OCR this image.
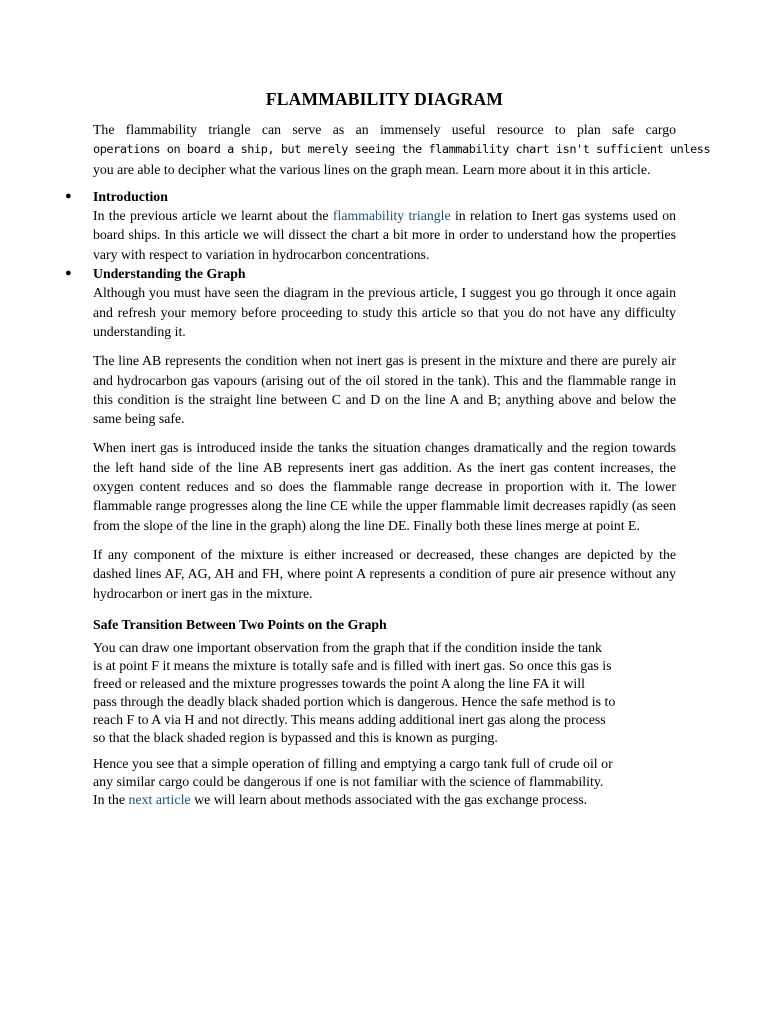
FLAMMABILITY DIAGRAM

The flammability triangle can serve as an immensely useful resource to plan safe cargo

operations on board a ship, but merely seeing the flammability chart isn't sufficient unless

you are able to decipher what the various lines on the graph mean. Learn more about it in this article.

● Introduction

In the previous article we learnt about the flammability triangle in relation to Inert gas systems used on board ships. In this article we will dissect the chart a bit more in order to understand how the properties vary with respect to variation in hydrocarbon concentrations.

● Understanding the Graph

Although you must have seen the diagram in the previous article, I suggest you go through it once again and refresh your memory before proceeding to study this article so that you do not have any difficulty understanding it.

The line AB represents the condition when not inert gas is present in the mixture and there are purely air and hydrocarbon gas vapours (arising out of the oil stored in the tank). This and the flammable range in this condition is the straight line between C and D on the line A and B; anything above and below the same being safe.

When inert gas is introduced inside the tanks the situation changes dramatically and the region towards the left hand side of the line AB represents inert gas addition. As the inert gas content increases, the oxygen content reduces and so does the flammable range decrease in proportion with it. The lower flammable range progresses along the line CE while the upper flammable limit decreases rapidly (as seen from the slope of the line in the graph) along the line DE. Finally both these lines merge at point E.

If any component of the mixture is either increased or decreased, these changes are depicted by the dashed lines AF, AG, AH and FH, where point A represents a condition of pure air presence without any hydrocarbon or inert gas in the mixture.

Safe Transition Between Two Points on the Graph
You can draw one important observation from the graph that if the condition inside the tank
is at point F it means the mixture is totally safe and is filled with inert gas. So once this gas is
freed or released and the mixture progresses towards the point A along the line FA it will
pass through the deadly black shaded portion which is dangerous. Hence the safe method is to
reach F to A via H and not directly. This means adding additional inert gas along the process
so that the black shaded region is bypassed and this is known as purging.
Hence you see that a simple operation of filling and emptying a cargo tank full of crude oil or
any similar cargo could be dangerous if one is not familiar with the science of flammability.
In the next article we will learn about methods associated with the gas exchange process.
